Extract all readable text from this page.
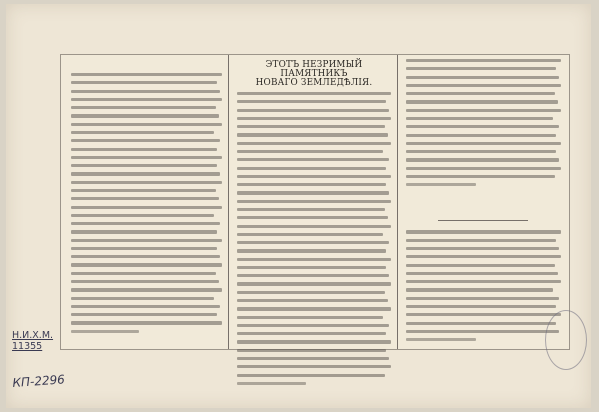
ЭТОТЪ НЕЗРИМЫЙ ПАМЯТНИКЪ
НОВАГО ЗЕМЛЕДѢЛІЯ.
Н.И.Х.М.
11355
КП-2296
